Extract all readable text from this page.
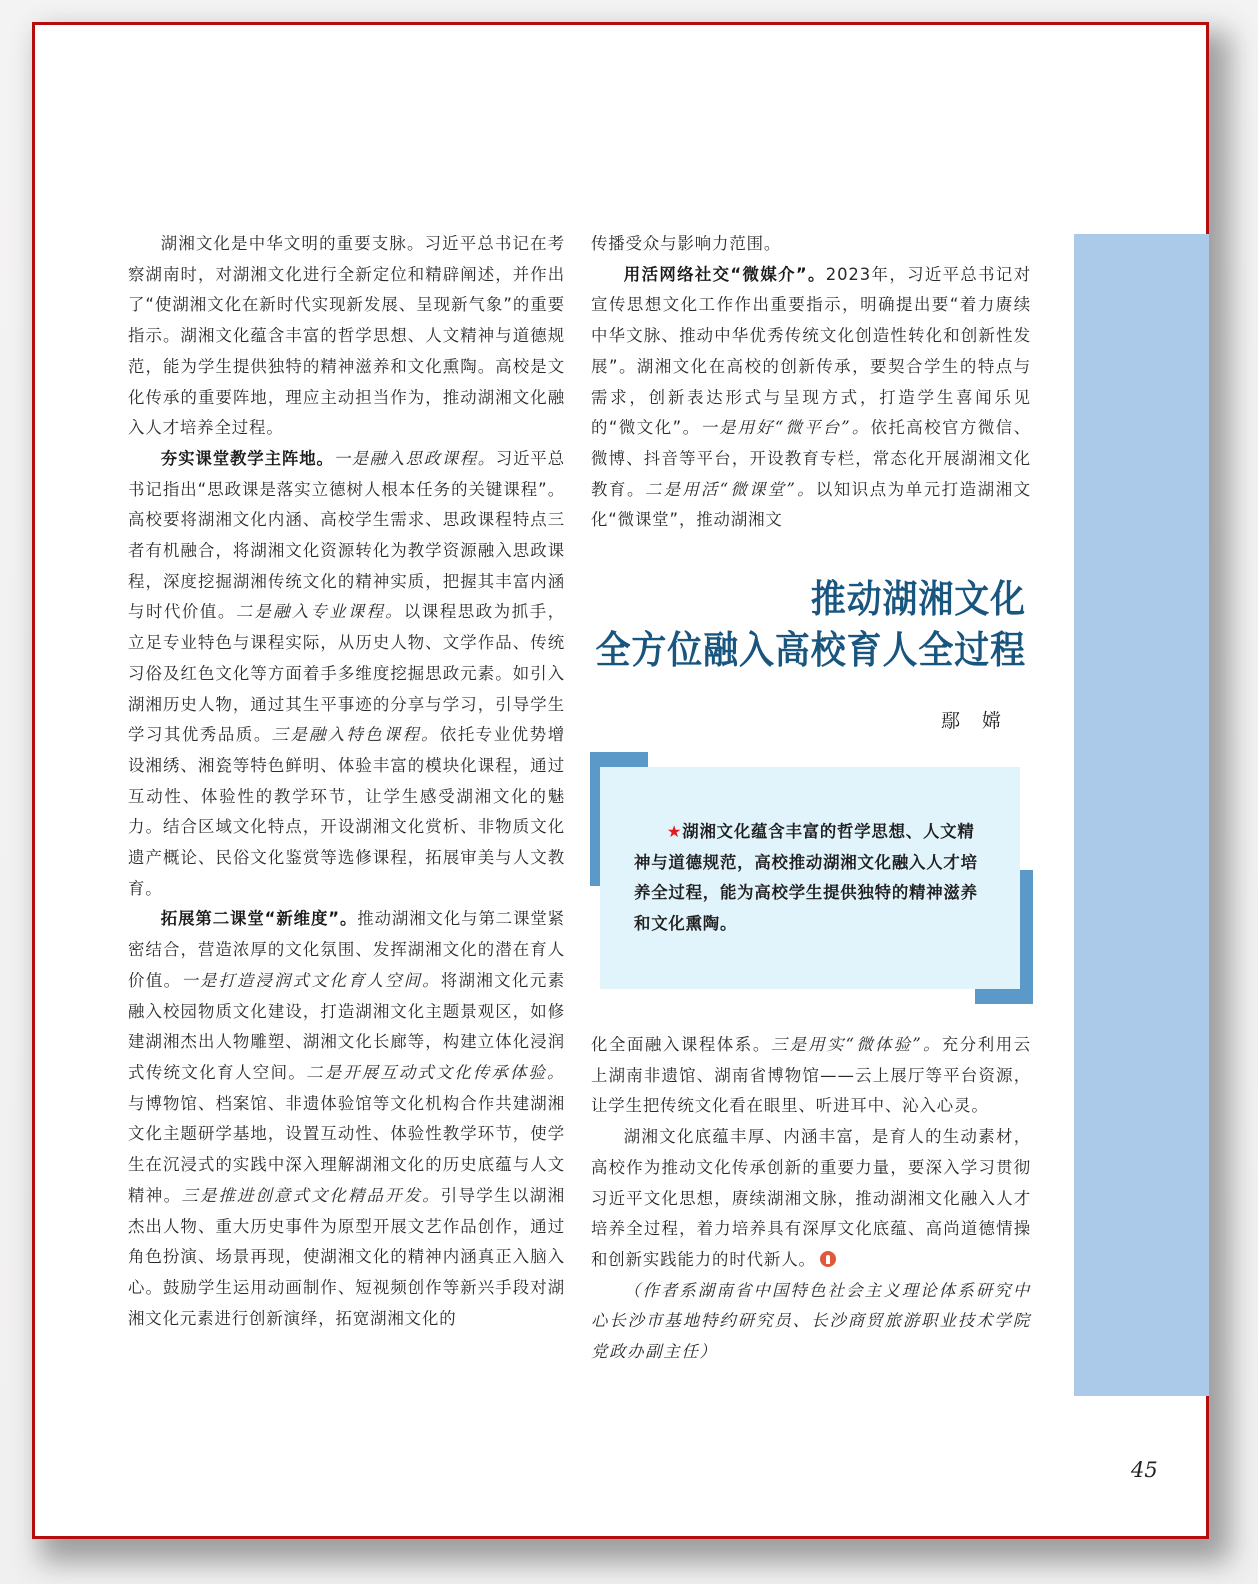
湖湘文化是中华文明的重要支脉。习近平总书记在考察湖南时，对湖湘文化进行全新定位和精辟阐述，并作出了“使湖湘文化在新时代实现新发展、呈现新气象”的重要指示。湖湘文化蕴含丰富的哲学思想、人文精神与道德规范，能为学生提供独特的精神滋养和文化熏陶。高校是文化传承的重要阵地，理应主动担当作为，推动湖湘文化融入人才培养全过程。

夯实课堂教学主阵地。一是融入思政课程。习近平总书记指出“思政课是落实立德树人根本任务的关键课程”。高校要将湖湘文化内涵、高校学生需求、思政课程特点三者有机融合，将湖湘文化资源转化为教学资源融入思政课程，深度挖掘湖湘传统文化的精神实质，把握其丰富内涵与时代价值。二是融入专业课程。以课程思政为抓手，立足专业特色与课程实际，从历史人物、文学作品、传统习俗及红色文化等方面着手多维度挖掘思政元素。如引入湖湘历史人物，通过其生平事迹的分享与学习，引导学生学习其优秀品质。三是融入特色课程。依托专业优势增设湘绣、湘瓷等特色鲜明、体验丰富的模块化课程，通过互动性、体验性的教学环节，让学生感受湖湘文化的魅力。结合区域文化特点，开设湖湘文化赏析、非物质文化遗产概论、民俗文化鉴赏等选修课程，拓展审美与人文教育。

拓展第二课堂“新维度”。推动湖湘文化与第二课堂紧密结合，营造浓厚的文化氛围、发挥湖湘文化的潜在育人价值。一是打造浸润式文化育人空间。将湖湘文化元素融入校园物质文化建设，打造湖湘文化主题景观区，如修建湖湘杰出人物雕塑、湖湘文化长廊等，构建立体化浸润式传统文化育人空间。二是开展互动式文化传承体验。与博物馆、档案馆、非遗体验馆等文化机构合作共建湖湘文化主题研学基地，设置互动性、体验性教学环节，使学生在沉浸式的实践中深入理解湖湘文化的历史底蕴与人文精神。三是推进创意式文化精品开发。引导学生以湖湘杰出人物、重大历史事件为原型开展文艺作品创作，通过角色扮演、场景再现，使湖湘文化的精神内涵真正入脑入心。鼓励学生运用动画制作、短视频创作等新兴手段对湖湘文化元素进行创新演绎，拓宽湖湘文化的

传播受众与影响力范围。

用活网络社交“微媒介”。2023年，习近平总书记对宣传思想文化工作作出重要指示，明确提出要“着力赓续中华文脉、推动中华优秀传统文化创造性转化和创新性发展”。湖湘文化在高校的创新传承，要契合学生的特点与需求，创新表达形式与呈现方式，打造学生喜闻乐见的“微文化”。一是用好“微平台”。依托高校官方微信、微博、抖音等平台，开设教育专栏，常态化开展湖湘文化教育。二是用活“微课堂”。以知识点为单元打造湖湘文化“微课堂”，推动湖湘文

推动湖湘文化
全方位融入高校育人全过程
鄢嫦
★湖湘文化蕴含丰富的哲学思想、人文精神与道德规范，高校推动湖湘文化融入人才培养全过程，能为高校学生提供独特的精神滋养和文化熏陶。

化全面融入课程体系。三是用实“微体验”。充分利用云上湖南非遗馆、湖南省博物馆——云上展厅等平台资源，让学生把传统文化看在眼里、听进耳中、沁入心灵。

湖湘文化底蕴丰厚、内涵丰富，是育人的生动素材，高校作为推动文化传承创新的重要力量，要深入学习贯彻习近平文化思想，赓续湖湘文脉，推动湖湘文化融入人才培养全过程，着力培养具有深厚文化底蕴、高尚道德情操和创新实践能力的时代新人。

（作者系湖南省中国特色社会主义理论体系研究中心长沙市基地特约研究员、长沙商贸旅游职业技术学院党政办副主任）

45
